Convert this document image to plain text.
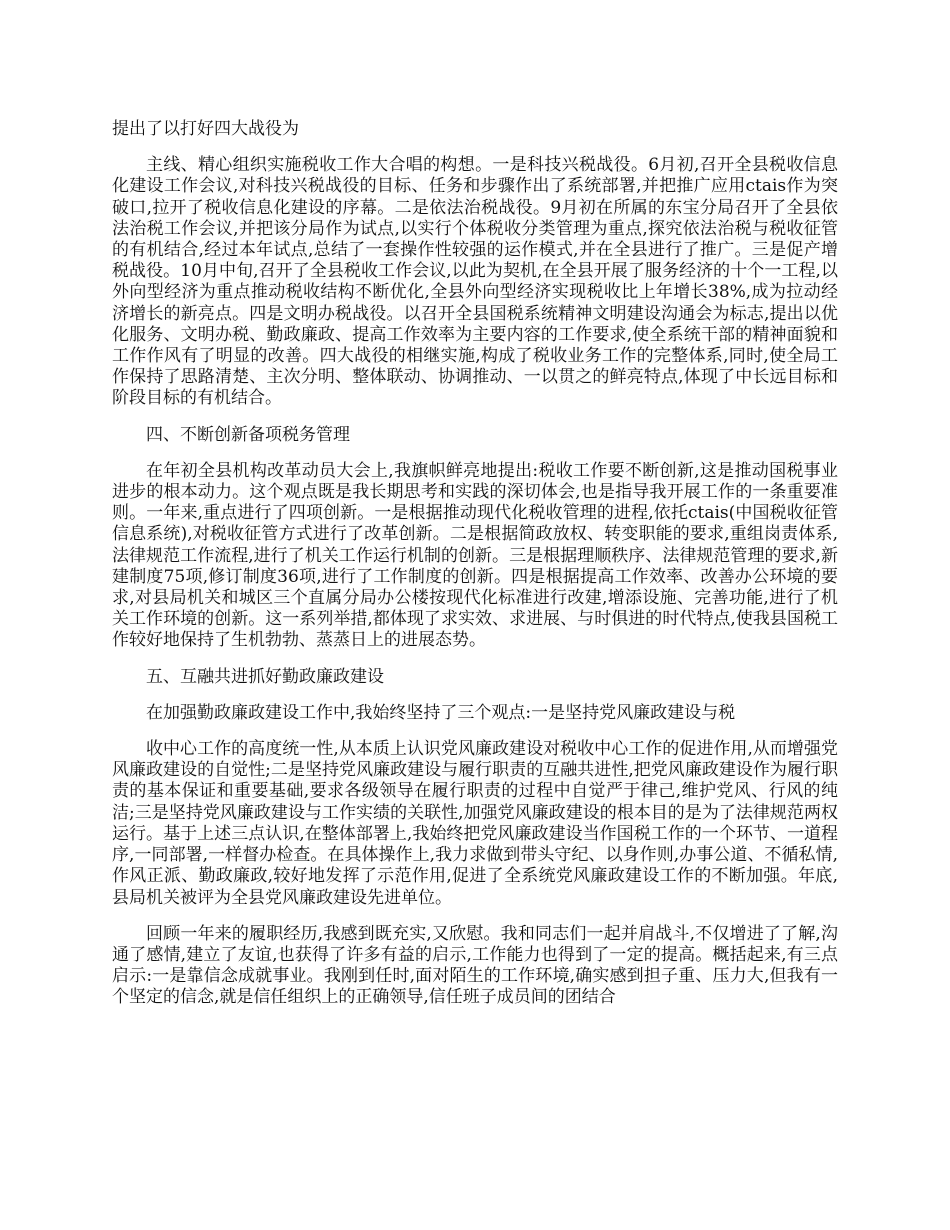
提出了以打好四大战役为

主线、精心组织实施税收工作大合唱的构想。一是科技兴税战役。6月初,召开全县税收信息化建设工作会议,对科技兴税战役的目标、任务和步骤作出了系统部署,并把推广应用ctais作为突破口,拉开了税收信息化建设的序幕。二是依法治税战役。9月初在所属的东宝分局召开了全县依法治税工作会议,并把该分局作为试点,以实行个体税收分类管理为重点,探究依法治税与税收征管的有机结合,经过本年试点,总结了一套操作性较强的运作模式,并在全县进行了推广。三是促产增税战役。10月中旬,召开了全县税收工作会议,以此为契机,在全县开展了服务经济的十个一工程,以外向型经济为重点推动税收结构不断优化,全县外向型经济实现税收比上年增长38%,成为拉动经济增长的新亮点。四是文明办税战役。以召开全县国税系统精神文明建设沟通会为标志,提出以优化服务、文明办税、勤政廉政、提高工作效率为主要内容的工作要求,使全系统干部的精神面貌和工作作风有了明显的改善。四大战役的相继实施,构成了税收业务工作的完整体系,同时,使全局工作保持了思路清楚、主次分明、整体联动、协调推动、一以贯之的鲜亮特点,体现了中长远目标和阶段目标的有机结合。

四、不断创新备项税务管理

在年初全县机构改革动员大会上,我旗帜鲜亮地提出:税收工作要不断创新,这是推动国税事业进步的根本动力。这个观点既是我长期思考和实践的深切体会,也是指导我开展工作的一条重要准则。一年来,重点进行了四项创新。一是根据推动现代化税收管理的进程,依托ctais(中国税收征管信息系统),对税收征管方式进行了改革创新。二是根据简政放权、转变职能的要求,重组岗责体系,法律规范工作流程,进行了机关工作运行机制的创新。三是根据理顺秩序、法律规范管理的要求,新建制度75项,修订制度36项,进行了工作制度的创新。四是根据提高工作效率、改善办公环境的要求,对县局机关和城区三个直属分局办公楼按现代化标准进行改建,增添设施、完善功能,进行了机关工作环境的创新。这一系列举措,都体现了求实效、求进展、与时俱进的时代特点,使我县国税工作较好地保持了生机勃勃、蒸蒸日上的进展态势。

五、互融共进抓好勤政廉政建设

在加强勤政廉政建设工作中,我始终坚持了三个观点:一是坚持党风廉政建设与税

收中心工作的高度统一性,从本质上认识党风廉政建设对税收中心工作的促进作用,从而增强党风廉政建设的自觉性;二是坚持党风廉政建设与履行职责的互融共进性,把党风廉政建设作为履行职责的基本保证和重要基础,要求各级领导在履行职责的过程中自觉严于律己,维护党风、行风的纯洁;三是坚持党风廉政建设与工作实绩的关联性,加强党风廉政建设的根本目的是为了法律规范两权运行。基于上述三点认识,在整体部署上,我始终把党风廉政建设当作国税工作的一个环节、一道程序,一同部署,一样督办检查。在具体操作上,我力求做到带头守纪、以身作则,办事公道、不循私情,作风正派、勤政廉政,较好地发挥了示范作用,促进了全系统党风廉政建设工作的不断加强。年底,县局机关被评为全县党风廉政建设先进单位。

回顾一年来的履职经历,我感到既充实,又欣慰。我和同志们一起并肩战斗,不仅增进了了解,沟通了感情,建立了友谊,也获得了许多有益的启示,工作能力也得到了一定的提高。概括起来,有三点启示:一是靠信念成就事业。我刚到任时,面对陌生的工作环境,确实感到担子重、压力大,但我有一个坚定的信念,就是信任组织上的正确领导,信任班子成员间的团结合
